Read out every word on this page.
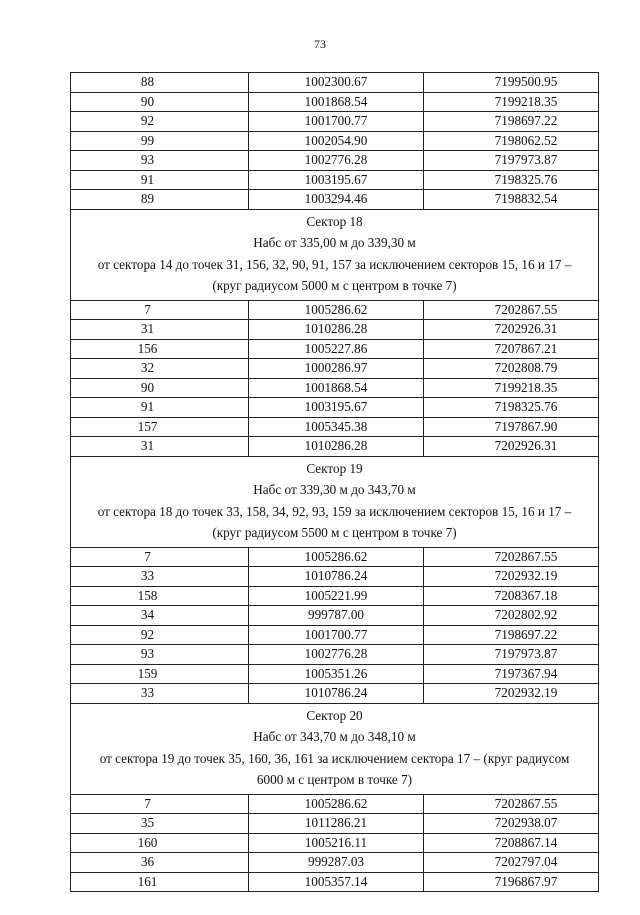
73
88	1002300.67	7199500.95
90	1001868.54	7199218.35
92	1001700.77	7198697.22
99	1002054.90	7198062.52
93	1002776.28	7197973.87
91	1003195.67	7198325.76
89	1003294.46	7198832.54

Сектор 18
Набс от 335,00 м до 339,30 м
от сектора 14 до точек 31, 156, 32, 90, 91, 157 за исключением секторов 15, 16 и 17 –
(круг радиусом 5000 м с центром в точке 7)		

7	1005286.62	7202867.55
31	1010286.28	7202926.31
156	1005227.86	7207867.21
32	1000286.97	7202808.79
90	1001868.54	7199218.35
91	1003195.67	7198325.76
157	1005345.38	7197867.90
31	1010286.28	7202926.31

Сектор 19
Набс от 339,30 м до 343,70 м
от сектора 18 до точек 33, 158, 34, 92, 93, 159 за исключением секторов 15, 16 и 17 –
(круг радиусом 5500 м с центром в точке 7)		

7	1005286.62	7202867.55
33	1010786.24	7202932.19
158	1005221.99	7208367.18
34	999787.00	7202802.92
92	1001700.77	7198697.22
93	1002776.28	7197973.87
159	1005351.26	7197367.94
33	1010786.24	7202932.19

Сектор 20
Набс от 343,70 м до 348,10 м
от сектора 19 до точек 35, 160, 36, 161 за исключением сектора 17 – (круг радиусом
6000 м с центром в точке 7)		

7	1005286.62	7202867.55
35	1011286.21	7202938.07
160	1005216.11	7208867.14
36	999287.03	7202797.04
161	1005357.14	7196867.97
